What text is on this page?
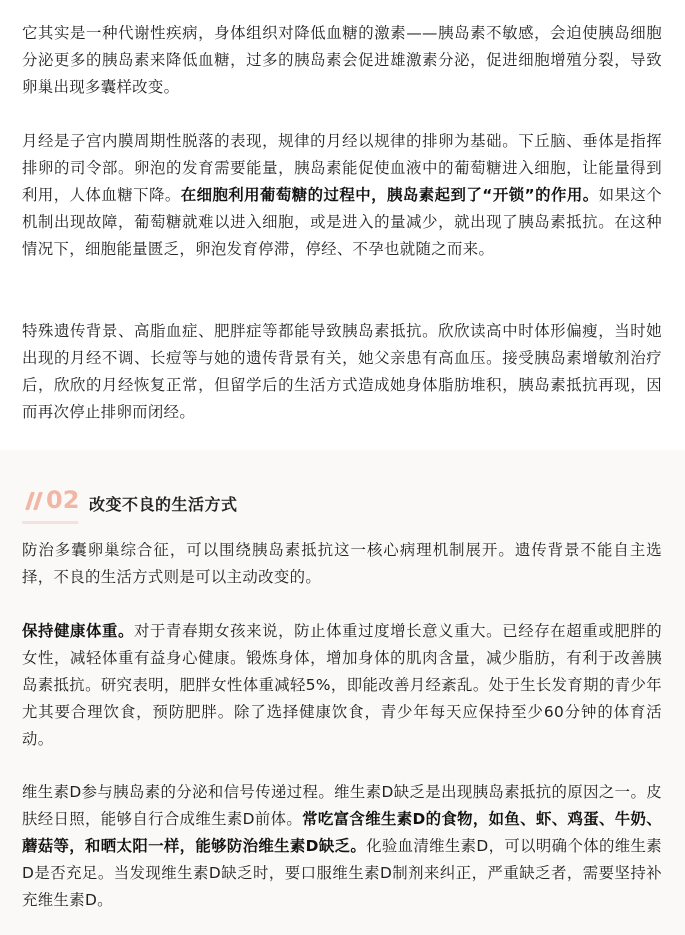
它其实是一种代谢性疾病，身体组织对降低血糖的激素——胰岛素不敏感，会迫使胰岛细胞分泌更多的胰岛素来降低血糖，过多的胰岛素会促进雄激素分泌，促进细胞增殖分裂，导致卵巢出现多囊样改变。

月经是子宫内膜周期性脱落的表现，规律的月经以规律的排卵为基础。下丘脑、垂体是指挥排卵的司令部。卵泡的发育需要能量，胰岛素能促使血液中的葡萄糖进入细胞，让能量得到利用，人体血糖下降。在细胞利用葡萄糖的过程中，胰岛素起到了“开锁”的作用。如果这个机制出现故障，葡萄糖就难以进入细胞，或是进入的量减少，就出现了胰岛素抵抗。在这种情况下，细胞能量匮乏，卵泡发育停滞，停经、不孕也就随之而来。

特殊遗传背景、高脂血症、肥胖症等都能导致胰岛素抵抗。欣欣读高中时体形偏瘦，当时她出现的月经不调、长痘等与她的遗传背景有关，她父亲患有高血压。接受胰岛素增敏剂治疗后，欣欣的月经恢复正常，但留学后的生活方式造成她身体脂肪堆积，胰岛素抵抗再现，因而再次停止排卵而闭经。

02 改变不良的生活方式

防治多囊卵巢综合征，可以围绕胰岛素抵抗这一核心病理机制展开。遗传背景不能自主选择，不良的生活方式则是可以主动改变的。

保持健康体重。对于青春期女孩来说，防止体重过度增长意义重大。已经存在超重或肥胖的女性，减轻体重有益身心健康。锻炼身体，增加身体的肌肉含量，减少脂肪，有利于改善胰岛素抵抗。研究表明，肥胖女性体重减轻5%，即能改善月经紊乱。处于生长发育期的青少年尤其要合理饮食，预防肥胖。除了选择健康饮食，青少年每天应保持至少60分钟的体育活动。

维生素D参与胰岛素的分泌和信号传递过程。维生素D缺乏是出现胰岛素抵抗的原因之一。皮肤经日照，能够自行合成维生素D前体。常吃富含维生素D的食物，如鱼、虾、鸡蛋、牛奶、蘑菇等，和晒太阳一样，能够防治维生素D缺乏。化验血清维生素D，可以明确个体的维生素D是否充足。当发现维生素D缺乏时，要口服维生素D制剂来纠正，严重缺乏者，需要坚持补充维生素D。
